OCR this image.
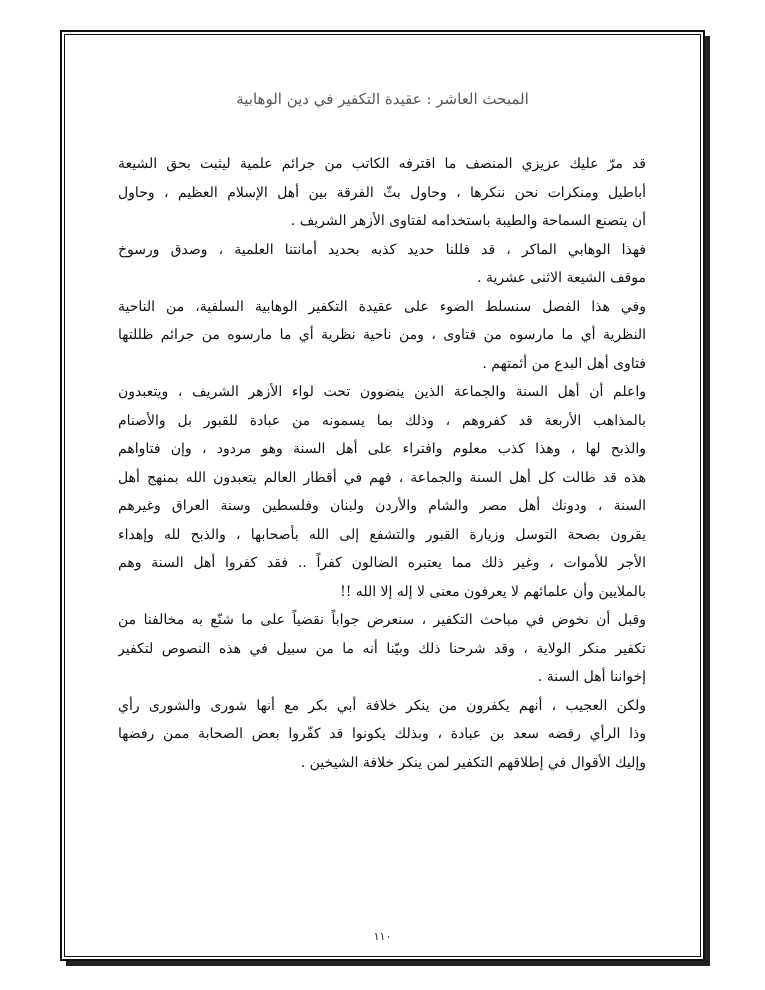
المبحث العاشر : عقيدة التكفير في دين الوهابية
قد مرّ عليك عزيزي المنصف ما اقترفه الكاتب من جرائم علمية ليثبت بحق الشيعة
أباطيل ومنكرات نحن ننكرها ، وحاول بثّ الفرقة بين أهل الإسلام العظيم ، وحاول
أن يتصنع السماحة والطيبة باستخدامه لفتاوى الأزهر الشريف .
فهذا الوهابي الماكر ، قد فللنا حديد كذبه بحديد أمانتنا العلمية ، وصدق ورسوخ
موقف الشيعة الاثنى عشرية .
وفي هذا الفصل سنسلط الضوء على عقيدة التكفير الوهابية السلفية، من الناحية
النظرية أي ما مارسوه من فتاوى ، ومن ناحية نظرية أي ما مارسوه من جرائم ظللتها
فتاوى أهل البدع من أئمتهم .
واعلم أن أهل السنة والجماعة الذين ينضوون تحت لواء الأزهر الشريف ، ويتعبدون
بالمذاهب الأربعة قد كفروهم ، وذلك بما يسمونه من عبادة للقبور بل والأصنام
والذبح لها ، وهذا كذب معلوم وافتراء على أهل السنة وهو مردود ، وإن فتاواهم
هذه قد طالت كل أهل السنة والجماعة ، فهم في أقطار العالم يتعبدون الله بمنهج أهل
السنة ، ودونك أهل مصر والشام والأردن ولبنان وفلسطين وسنة العراق وغيرهم
يقرون بصحة التوسل وزيارة القبور والتشفع إلى الله بأصحابها ، والذبح لله وإهداء
الأجر للأموات ، وغير ذلك مما يعتبره الضالون كفراً .. فقد كفروا أهل السنة وهم
بالملايين وأن علمائهم لا يعرفون معنى لا إله إلا الله !!
وقبل أن نخوض في مباحث التكفير ، سنعرض جواباً نقضياً على ما شنّع به مخالفنا من
تكفير منكر الولاية ، وقد شرحنا ذلك وبيّنا أنه ما من سبيل في هذه النصوص لتكفير
إخواننا أهل السنة .
ولكن العجيب ، أنهم يكفرون من ينكر خلافة أبي بكر مع أنها شورى والشورى رأي
وذا الرأي رفضه سعد بن عبادة ، وبذلك يكونوا قد كفّروا بعض الصحابة ممن رفضها
وإليك الأقوال في إطلاقهم التكفير لمن ينكر خلافة الشيخين .
١١٠
